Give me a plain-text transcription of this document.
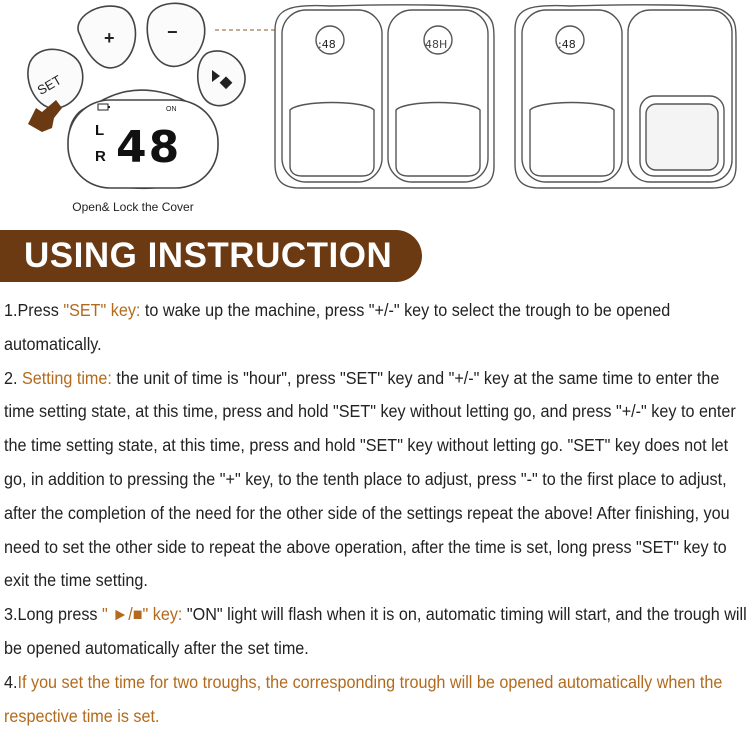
+	−
SET
ON
L
R 48
:48	48H	:48
Open& Lock the Cover
USING INSTRUCTION

1.Press "SET" key: to wake up the machine, press "+/-" key to select the trough to be opened automatically.

2. Setting time: the unit of time is "hour", press "SET" key and "+/-" key at the same time to enter the time setting state, at this time, press and hold "SET" key without letting go, and press "+/-" key to enter the time setting state, at this time, press and hold "SET" key without letting go. "SET" key does not let go, in addition to pressing the "+" key, to the tenth place to adjust, press "-" to the first place to adjust, after the completion of the need for the other side of the settings repeat the above! After finishing, you need to set the other side to repeat the above operation, after the time is set, long press "SET" key to exit the time setting.

3.Long press " ►/■" key: "ON" light will flash when it is on, automatic timing will start, and the trough will be opened automatically after the set time.

4.If you set the time for two troughs, the corresponding trough will be opened automatically when the respective time is set.
